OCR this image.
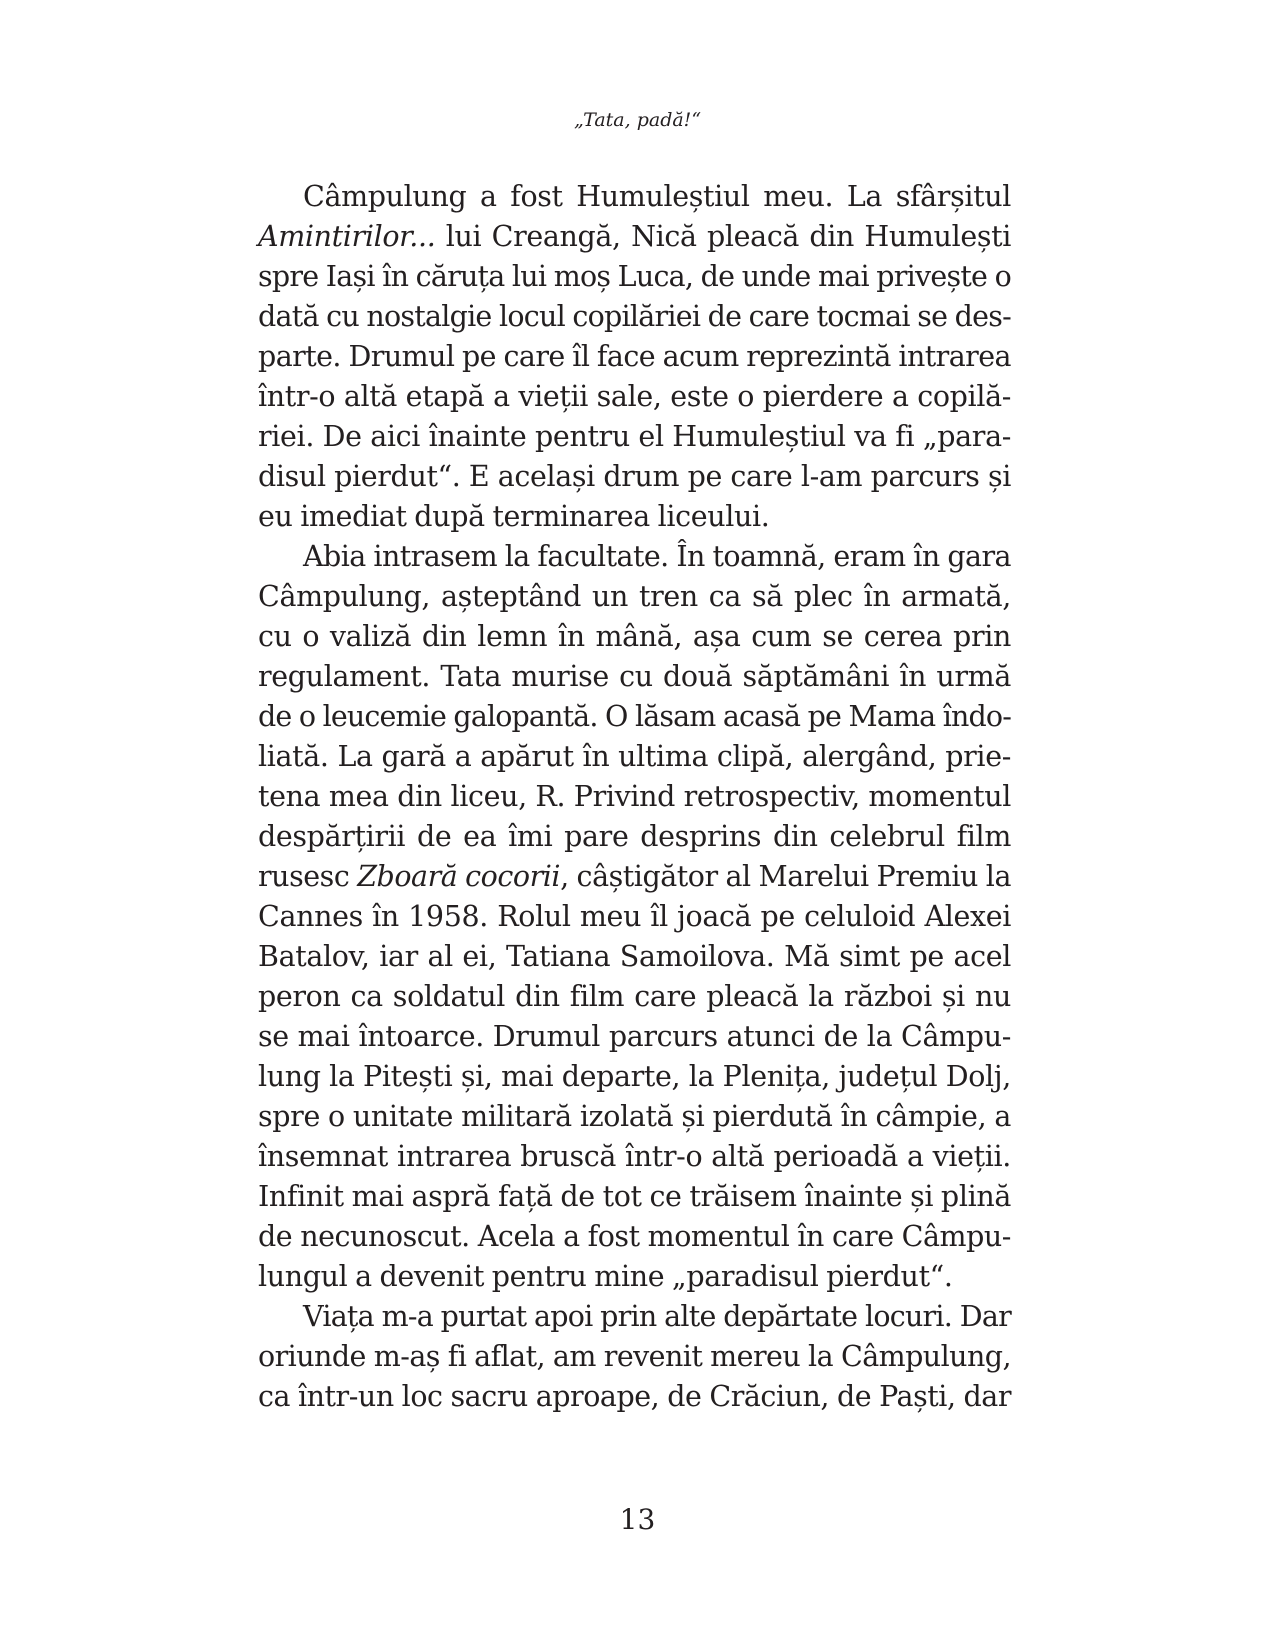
„Tata, padă!“

Câmpulung a fost Humuleștiul meu. La sfârșitul
Amintirilor... lui Creangă, Nică pleacă din Humulești
spre Iași în căruța lui moș Luca, de unde mai privește o
dată cu nostalgie locul copilăriei de care tocmai se des-
parte. Drumul pe care îl face acum reprezintă intrarea
într-o altă etapă a vieții sale, este o pierdere a copilă-
riei. De aici înainte pentru el Humuleștiul va fi „para-
disul pierdut“. E același drum pe care l-am parcurs și
eu imediat după terminarea liceului.

Abia intrasem la facultate. În toamnă, eram în gara
Câmpulung, așteptând un tren ca să plec în armată,
cu o valiză din lemn în mână, așa cum se cerea prin
regulament. Tata murise cu două săptămâni în urmă
de o leucemie galopantă. O lăsam acasă pe Mama îndo-
liată. La gară a apărut în ultima clipă, alergând, prie-
tena mea din liceu, R. Privind retrospectiv, momentul
despărțirii de ea îmi pare desprins din celebrul film
rusesc Zboară cocorii, câștigător al Marelui Premiu la
Cannes în 1958. Rolul meu îl joacă pe celuloid Alexei
Batalov, iar al ei, Tatiana Samoilova. Mă simt pe acel
peron ca soldatul din film care pleacă la război și nu
se mai întoarce. Drumul parcurs atunci de la Câmpu-
lung la Pitești și, mai departe, la Plenița, județul Dolj,
spre o unitate militară izolată și pierdută în câmpie, a
însemnat intrarea bruscă într-o altă perioadă a vieții.
Infinit mai aspră față de tot ce trăisem înainte și plină
de necunoscut. Acela a fost momentul în care Câmpu-
lungul a devenit pentru mine „paradisul pierdut“.

Viața m-a purtat apoi prin alte depărtate locuri. Dar
oriunde m-aș fi aflat, am revenit mereu la Câmpulung,
ca într-un loc sacru aproape, de Crăciun, de Paști, dar

13
